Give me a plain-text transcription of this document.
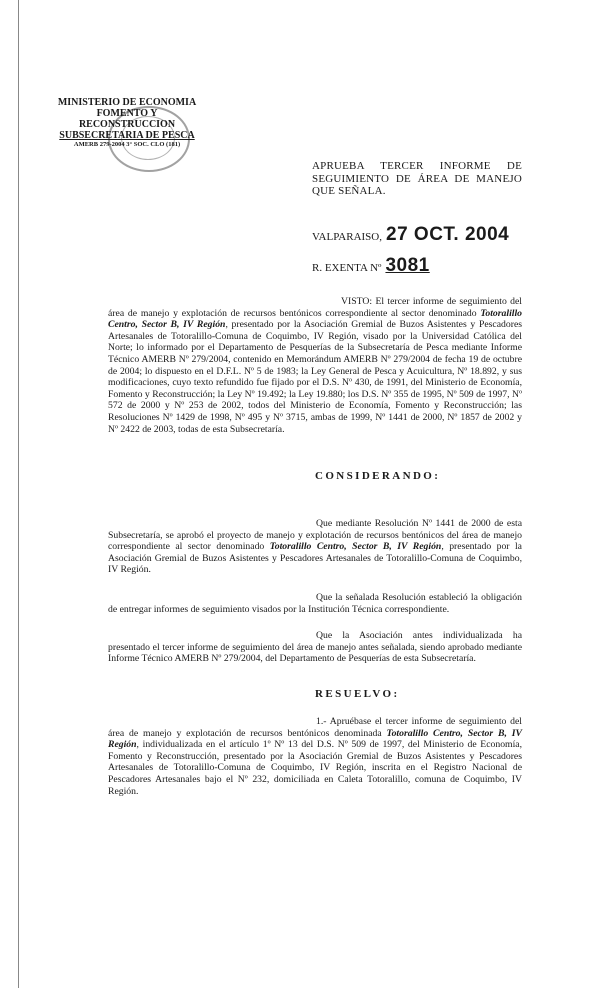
MINISTERIO DE ECONOMIA
FOMENTO Y RECONSTRUCCION
SUBSECRETARIA DE PESCA
AMERB 279-2004 3° SOC. CLO (181)
APRUEBA TERCER INFORME DE SEGUIMIENTO DE ÁREA DE MANEJO QUE SEÑALA.
VALPARAISO, 27 OCT. 2004
R. EXENTA Nº 3081

VISTO: El tercer informe de seguimiento del área de manejo y explotación de recursos bentónicos correspondiente al sector denominado Totoralillo Centro, Sector B, IV Región, presentado por la Asociación Gremial de Buzos Asistentes y Pescadores Artesanales de Totoralillo-Comuna de Coquimbo, IV Región, visado por la Universidad Católica del Norte; lo informado por el Departamento de Pesquerías de la Subsecretaría de Pesca mediante Informe Técnico AMERB Nº 279/2004, contenido en Memorándum AMERB Nº 279/2004 de fecha 19 de octubre de 2004; lo dispuesto en el D.F.L. Nº 5 de 1983; la Ley General de Pesca y Acuicultura, Nº 18.892, y sus modificaciones, cuyo texto refundido fue fijado por el D.S. Nº 430, de 1991, del Ministerio de Economía, Fomento y Reconstrucción; la Ley Nº 19.492; la Ley 19.880; los D.S. Nº 355 de 1995, Nº 509 de 1997, Nº 572 de 2000 y Nº 253 de 2002, todos del Ministerio de Economía, Fomento y Reconstrucción; las Resoluciones Nº 1429 de 1998, Nº 495 y Nº 3715, ambas de 1999, Nº 1441 de 2000, Nº 1857 de 2002 y Nº 2422 de 2003, todas de esta Subsecretaría.

CONSIDERANDO:

Que mediante Resolución Nº 1441 de 2000 de esta Subsecretaría, se aprobó el proyecto de manejo y explotación de recursos bentónicos del área de manejo correspondiente al sector denominado Totoralillo Centro, Sector B, IV Región, presentado por la Asociación Gremial de Buzos Asistentes y Pescadores Artesanales de Totoralillo-Comuna de Coquimbo, IV Región.

Que la señalada Resolución estableció la obligación de entregar informes de seguimiento visados por la Institución Técnica correspondiente.

Que la Asociación antes individualizada ha presentado el tercer informe de seguimiento del área de manejo antes señalada, siendo aprobado mediante Informe Técnico AMERB Nº 279/2004, del Departamento de Pesquerías de esta Subsecretaría.

RESUELVO:

1.- Apruébase el tercer informe de seguimiento del área de manejo y explotación de recursos bentónicos denominada Totoralillo Centro, Sector B, IV Región, individualizada en el artículo 1º Nº 13 del D.S. Nº 509 de 1997, del Ministerio de Economía, Fomento y Reconstrucción, presentado por la Asociación Gremial de Buzos Asistentes y Pescadores Artesanales de Totoralillo-Comuna de Coquimbo, IV Región, inscrita en el Registro Nacional de Pescadores Artesanales bajo el Nº 232, domiciliada en Caleta Totoralillo, comuna de Coquimbo, IV Región.
